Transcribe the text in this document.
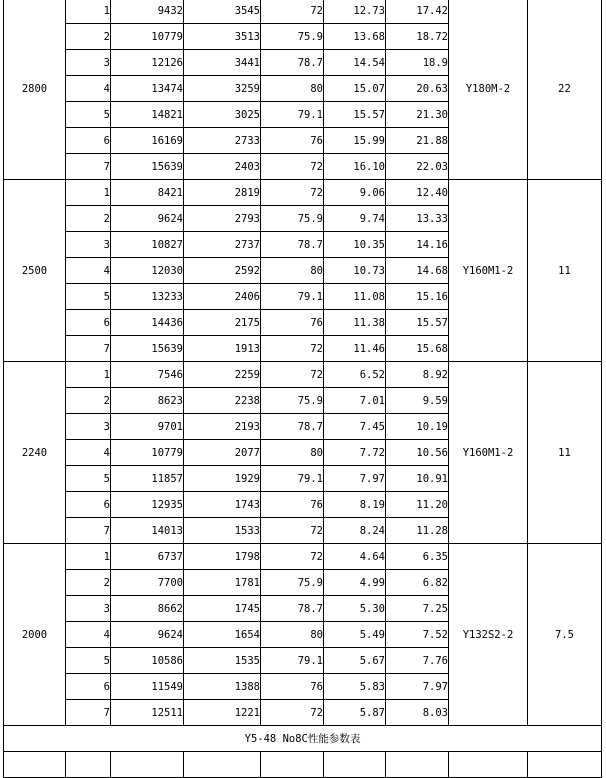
2800	1	9432	3545	72	12.73	17.42	Y180M-2	22
	2	10779	3513	75.9	13.68	18.72		
	3	12126	3441	78.7	14.54	18.9		
	4	13474	3259	80	15.07	20.63		
	5	14821	3025	79.1	15.57	21.30		
	6	16169	2733	76	15.99	21.88		
	7	15639	2403	72	16.10	22.03		
2500	1	8421	2819	72	9.06	12.40	Y160M1-2	11
	2	9624	2793	75.9	9.74	13.33		
	3	10827	2737	78.7	10.35	14.16		
	4	12030	2592	80	10.73	14.68		
	5	13233	2406	79.1	11.08	15.16		
	6	14436	2175	76	11.38	15.57		
	7	15639	1913	72	11.46	15.68		
2240	1	7546	2259	72	6.52	8.92	Y160M1-2	11
	2	8623	2238	75.9	7.01	9.59		
	3	9701	2193	78.7	7.45	10.19		
	4	10779	2077	80	7.72	10.56		
	5	11857	1929	79.1	7.97	10.91		
	6	12935	1743	76	8.19	11.20		
	7	14013	1533	72	8.24	11.28		
2000	1	6737	1798	72	4.64	6.35	Y132S2-2	7.5
	2	7700	1781	75.9	4.99	6.82		
	3	8662	1745	78.7	5.30	7.25		
	4	9624	1654	80	5.49	7.52		
	5	10586	1535	79.1	5.67	7.76		
	6	11549	1388	76	5.83	7.97		
	7	12511	1221	72	5.87	8.03		
Y5-48 No8C性能参数表								
